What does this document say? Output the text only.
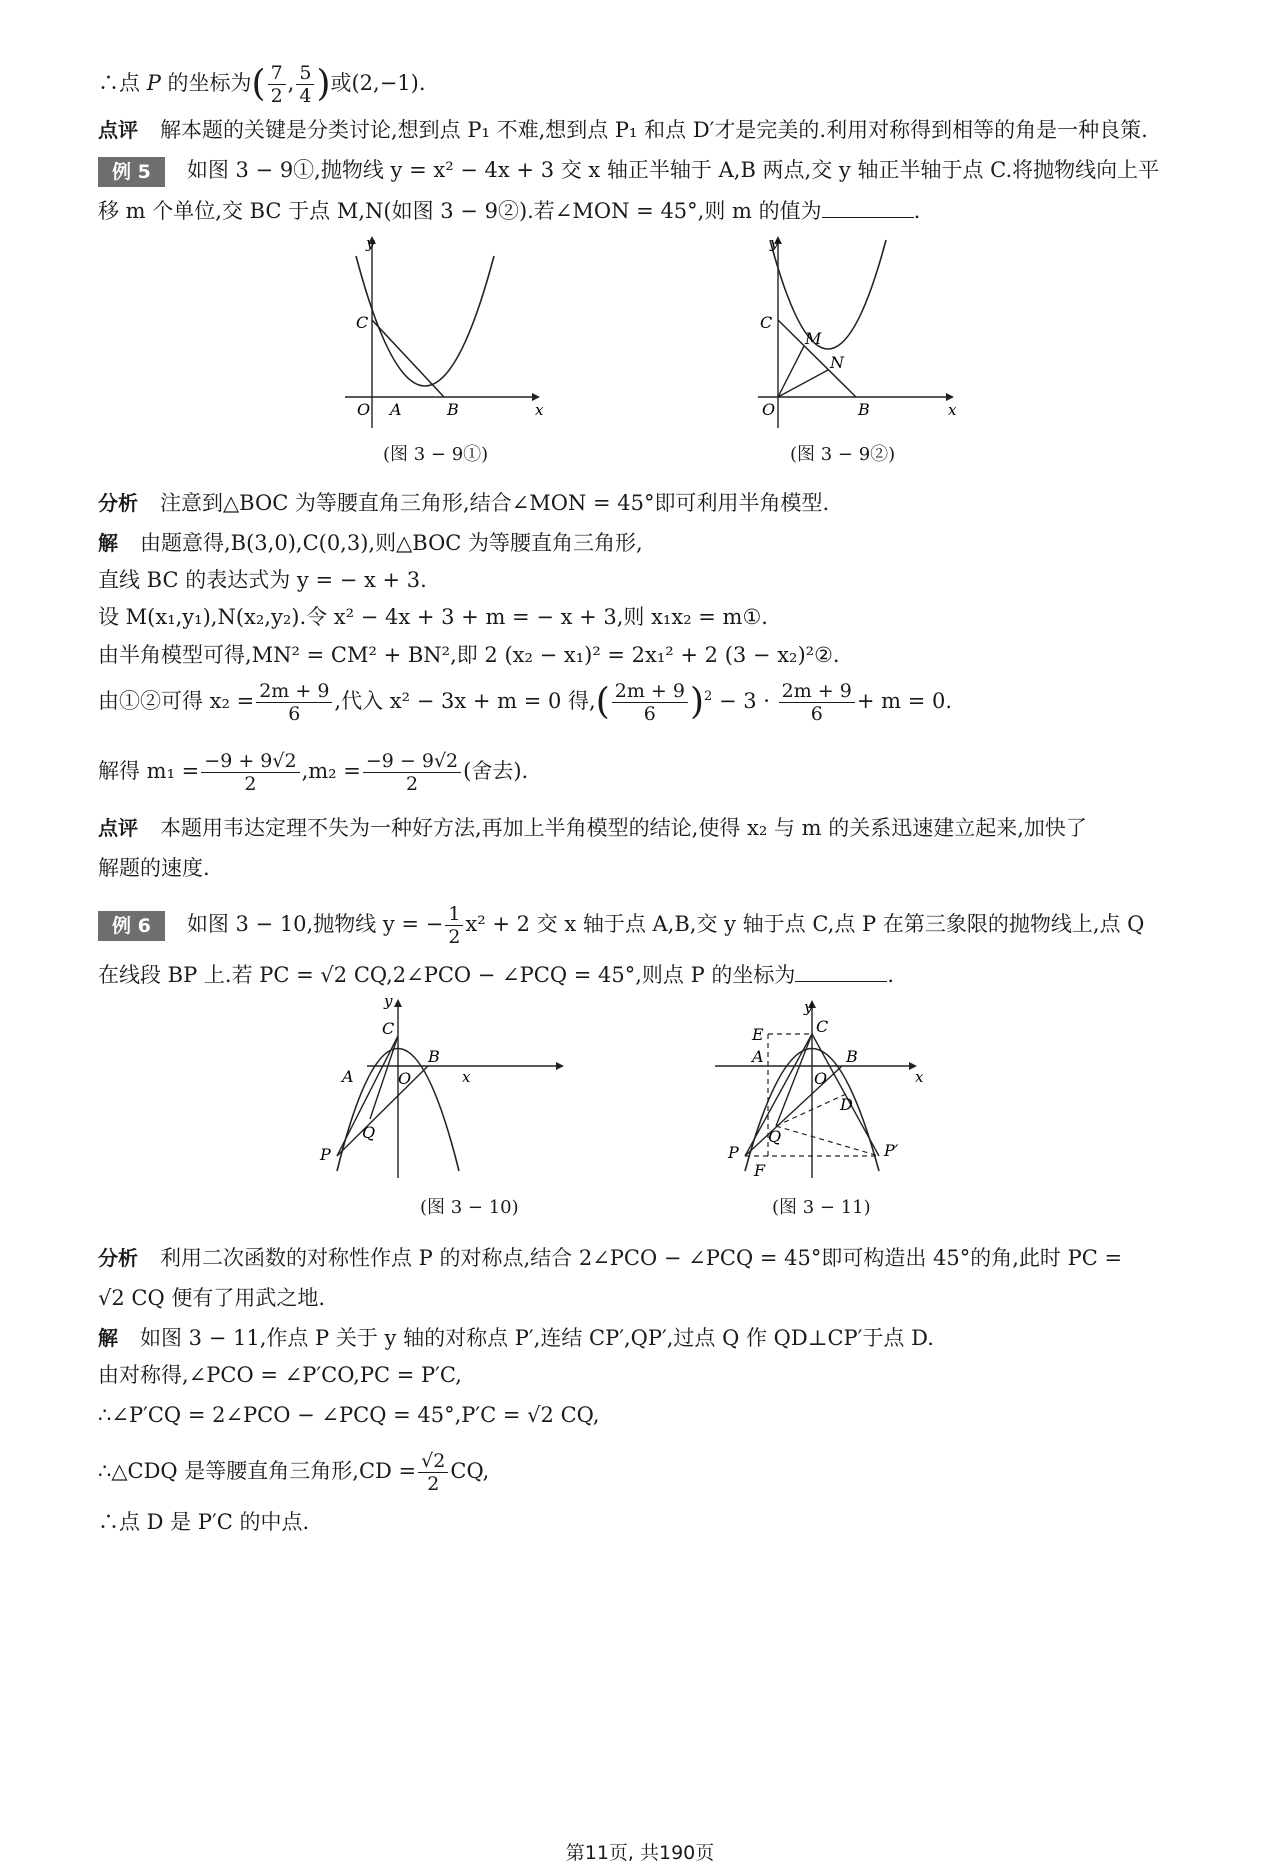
∴点 P 的坐标为( $\frac{7}{2}$ , $\frac{5}{4}$ )或(2,−1).
点评 解本题的关键是分类讨论,想到点 P₁ 不难,想到点 P₁ 和点 D′才是完美的.利用对称得到相等的角是一种良策.
例 5 如图 3 − 9①,抛物线 y = x² − 4x + 3 交 x 轴正半轴于 A,B 两点,交 y 轴正半轴于点 C.将抛物线向上平
移 m 个单位,交 BC 于点 M,N(如图 3 − 9②).若∠MON = 45°,则 m 的值为	.
y
x
O A	B
C
(图 3 − 9①)
y
x
O	B
C
M
N
(图 3 − 9②)
分析 注意到△BOC 为等腰直角三角形,结合∠MON = 45°即可利用半角模型.
解 由题意得,B(3,0),C(0,3),则△BOC 为等腰直角三角形,
直线 BC 的表达式为 y = − x + 3.
设 M(x₁,y₁),N(x₂,y₂).令 x² − 4x + 3 + m = − x + 3,则 x₁x₂ = m①.
由半角模型可得,MN² = CM² + BN²,即 2 (x₂ − x₁)² = 2x₁² + 2 (3 − x₂)²②.
由①②可得 $x_2 = \frac{2m + 9}{6}$ ,代入 x² − 3x + m = 0 得,( $\frac{2m + 9}{6} )^2 - 3 \cdot \frac{2m + 9}{6} + m = 0$.
解得 $m_1 = \frac{-9 + 9√2}{2} ,m_2 = \frac{-9 - 9√2}{2}$ (舍去).
点评 本题用韦达定理不失为一种好方法,再加上半角模型的结论,使得 x₂ 与 m 的关系迅速建立起来,加快了
解题的速度.
例 6 如图 3 − 10,抛物线 y = − $\frac{1}{2} x^2 + 2$ 交 x 轴于点 A,B,交 y 轴于点 C,点 P 在第三象限的抛物线上,点 Q
在线段 BP 上.若 PC = √2 CQ,2∠PCO − ∠PCQ = 45°,则点 P 的坐标为	.
y
x
O
A
B
C
Q
P
(图 3 − 10)
y
x
O
A	B
C
E
D
Q
P
F
P′
(图 3 − 11)
分析 利用二次函数的对称性作点 P 的对称点,结合 2∠PCO − ∠PCQ = 45°即可构造出 45°的角,此时 PC =
√2 CQ 便有了用武之地.
解 如图 3 − 11,作点 P 关于 y 轴的对称点 P′,连结 CP′,QP′,过点 Q 作 QD⊥CP′于点 D.
由对称得,∠PCO = ∠P′CO,PC = P′C,
∴∠P′CQ = 2∠PCO − ∠PCQ = 45°,P′C = √2 CQ,
∴△CDQ 是等腰直角三角形$,CD = \frac{√2}{2}$ CQ,
∴点 D 是 P′C 的中点.
第11页, 共190页
